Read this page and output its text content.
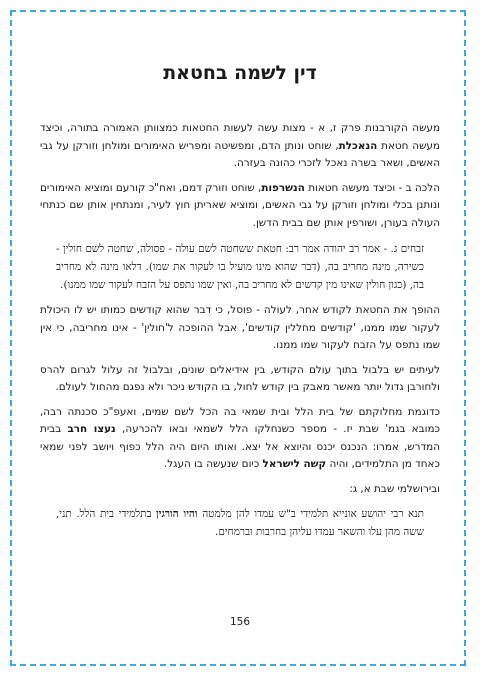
דין לשמה בחטאת

מעשה הקורבנות פרק ז, א - מצות עשה לעשות החטאות כמצוותן האמורה בתורה, וכיצד מעשה חטאת הנאכלת, שוחט ונותן הדם, ומפשיטה ומפריש האימורים ומולחן וזורקן על גבי האשים, ושאר בשרה נאכל לזכרי כהונה בעזרה.

הלכה ב - וכיצד מעשה חטאות הנשרפות, שוחט וזורק דמם, ואח"כ קורעם ומוציא האימורים ונותנן בכלי ומולחן וזורקן על גבי האשים, ומוציא שאריתן חוץ לעיר, ומנתחין אותן שם כנתחי העולה בעורן, ושורפין אותן שם בבית הדשן.

זבחים ג. - אמר רב יהודה אמר רב: חטאת ששחטה לשם עולה - פסולה, שחטה לשם חולין - כשירה, מינה מחריב בה, (דבר שהוא מינו מועיל בו לעקור את שמו). דלאו מינה לא מחריב בה, (כגון חולין שאינו מין קדשים לא מחריב בה, ואין שמו נתפס על הזבח לעקור שמו ממנו).

ההופך את החטאת לקודש אחר, לעולה - פוסל, כי דבר שהוא קודשים כמותו יש לו היכולת לעקור שמו ממנו, 'קודשים מחללין קודשים', אבל ההופכה ל'חולין' - אינו מחריבה, כי אין שמו נתפס על הזבח לעקור שמו ממנו.

לעיתים יש בלבול בתוך עולם הקודש, בין אידיאלים שונים, ובלבול זה עלול לגרום להרס ולחורבן גדול יותר מאשר מאבק בין קודש לחול, בו הקודש ניכר ולא נפגם מהחול לעולם.

כדוגמת מחלוקתם של בית הלל ובית שמאי בה הכל לשם שמים, ואעפ"כ סכנתה רבה, כמובא בגמ' שבת יז. - מספר כשנחלקו הלל לשמאי ובאו להכרעה, נעצו חרב בבית המדרש, אמרו: הנכנס יכנס והיוצא אל יצא. ואותו היום היה הלל כפוף ויושב לפני שמאי כאחד מן התלמידים, והיה קשה לישראל כיום שנעשה בו העגל.

ובירושלמי שבת א, ג:

תנא רבי יהושע אונייא תלמידי ב"ש עמדו להן מלמטה והיו הורגין בתלמידי בית הלל. תני, ששה מהן עלו והשאר עמדו עליהן בחרבות וברמחים.

156
